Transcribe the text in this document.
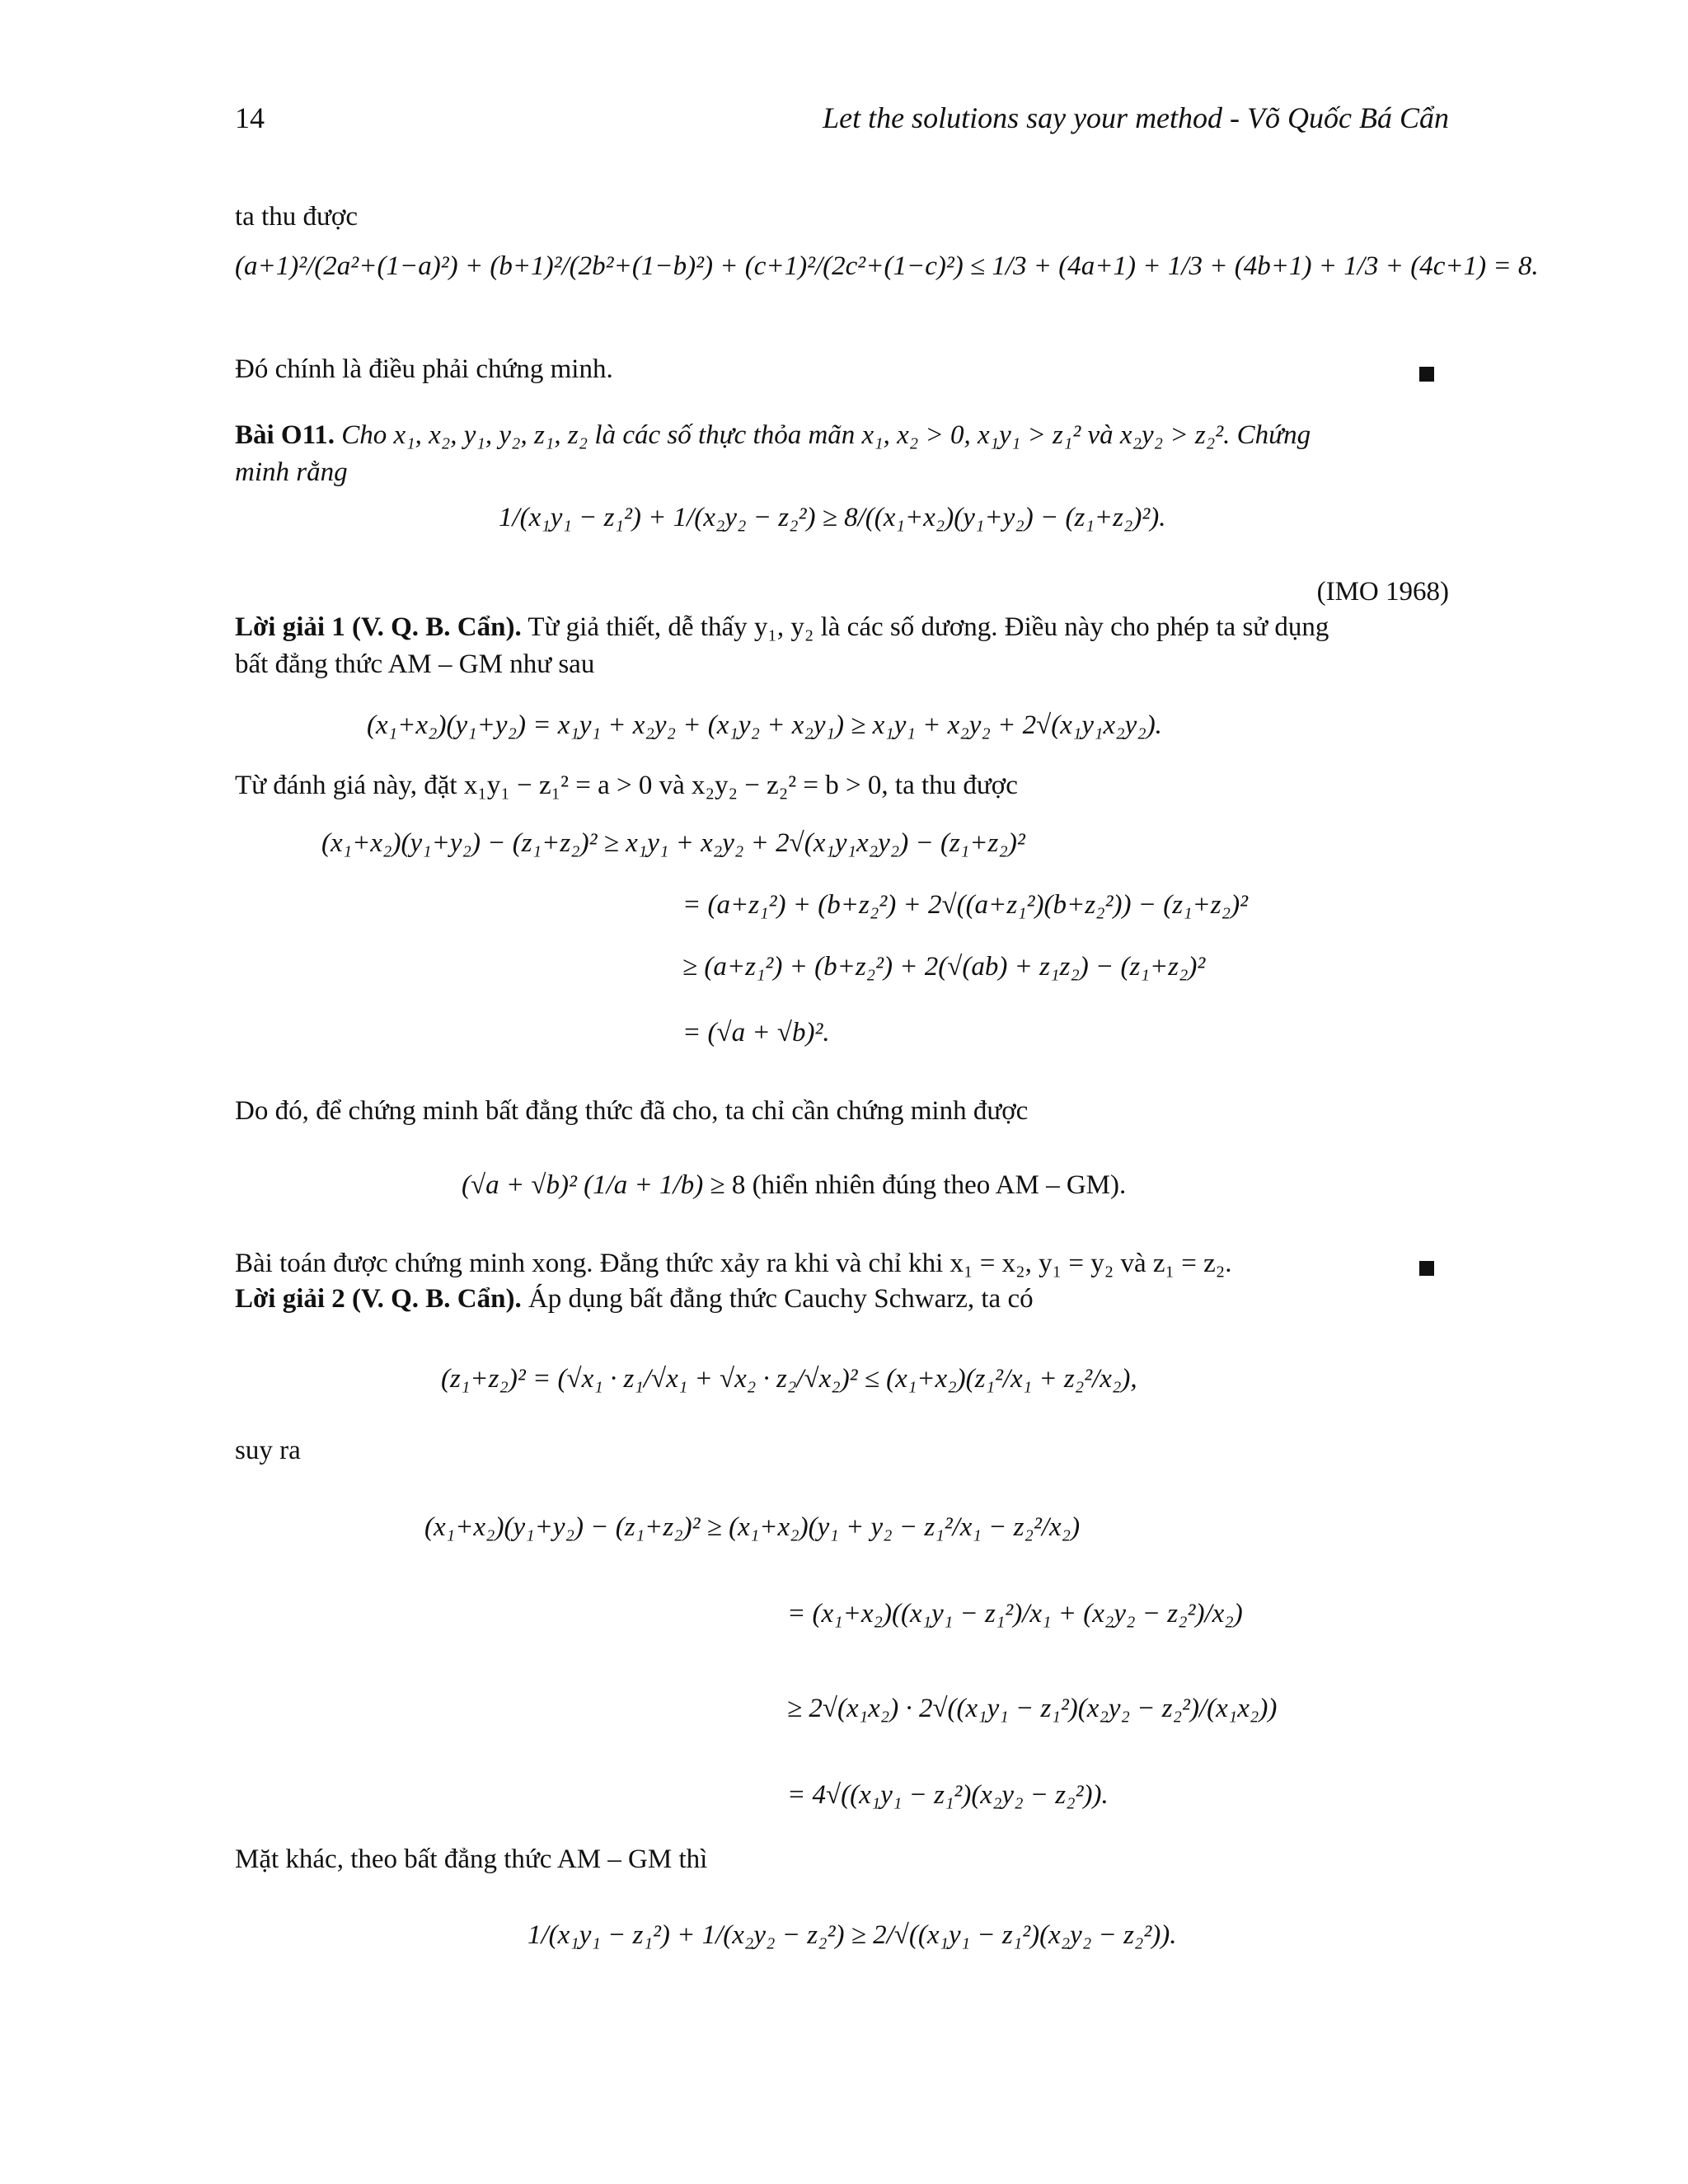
14	Let the solutions say your method - Võ Quốc Bá Cẩn
ta thu được
(a+1)²/(2a²+(1−a)²) + (b+1)²/(2b²+(1−b)²) + (c+1)²/(2c²+(1−c)²) ≤ 1/3 + (4a+1) + 1/3 + (4b+1) + 1/3 + (4c+1) = 8.
Đó chính là điều phải chứng minh.
Bài O11. Cho x₁, x₂, y₁, y₂, z₁, z₂ là các số thực thỏa mãn x₁, x₂ > 0, x₁y₁ > z₁² và x₂y₂ > z₂². Chứng
minh rằng
1/(x₁y₁ − z₁²) + 1/(x₂y₂ − z₂²) ≥ 8/((x₁+x₂)(y₁+y₂) − (z₁+z₂)²).
(IMO 1968)
Lời giải 1 (V. Q. B. Cẩn). Từ giả thiết, dễ thấy y₁, y₂ là các số dương. Điều này cho phép ta sử dụng
bất đẳng thức AM – GM như sau
(x₁+x₂)(y₁+y₂) = x₁y₁ + x₂y₂ + (x₁y₂ + x₂y₁) ≥ x₁y₁ + x₂y₂ + 2√(x₁y₁x₂y₂).
Từ đánh giá này, đặt x₁y₁ − z₁² = a > 0 và x₂y₂ − z₂² = b > 0, ta thu được
(x₁+x₂)(y₁+y₂) − (z₁+z₂)² ≥ x₁y₁ + x₂y₂ + 2√(x₁y₁x₂y₂) − (z₁+z₂)²
= (a+z₁²) + (b+z₂²) + 2√((a+z₁²)(b+z₂²)) − (z₁+z₂)²
≥ (a+z₁²) + (b+z₂²) + 2(√(ab) + z₁z₂) − (z₁+z₂)²
= (√a + √b)².
Do đó, để chứng minh bất đẳng thức đã cho, ta chỉ cần chứng minh được
(√a + √b)² (1/a + 1/b) ≥ 8 (hiển nhiên đúng theo AM – GM).
Bài toán được chứng minh xong. Đẳng thức xảy ra khi và chỉ khi x₁ = x₂, y₁ = y₂ và z₁ = z₂.
Lời giải 2 (V. Q. B. Cẩn). Áp dụng bất đẳng thức Cauchy Schwarz, ta có
(z₁+z₂)² = (√x₁ · z₁/√x₁ + √x₂ · z₂/√x₂)² ≤ (x₁+x₂)(z₁²/x₁ + z₂²/x₂),
suy ra
(x₁+x₂)(y₁+y₂) − (z₁+z₂)² ≥ (x₁+x₂)(y₁ + y₂ − z₁²/x₁ − z₂²/x₂)
= (x₁+x₂)((x₁y₁ − z₁²)/x₁ + (x₂y₂ − z₂²)/x₂)
≥ 2√(x₁x₂) · 2√((x₁y₁ − z₁²)(x₂y₂ − z₂²)/(x₁x₂))
= 4√((x₁y₁ − z₁²)(x₂y₂ − z₂²)).
Mặt khác, theo bất đẳng thức AM – GM thì
1/(x₁y₁ − z₁²) + 1/(x₂y₂ − z₂²) ≥ 2/√((x₁y₁ − z₁²)(x₂y₂ − z₂²)).
